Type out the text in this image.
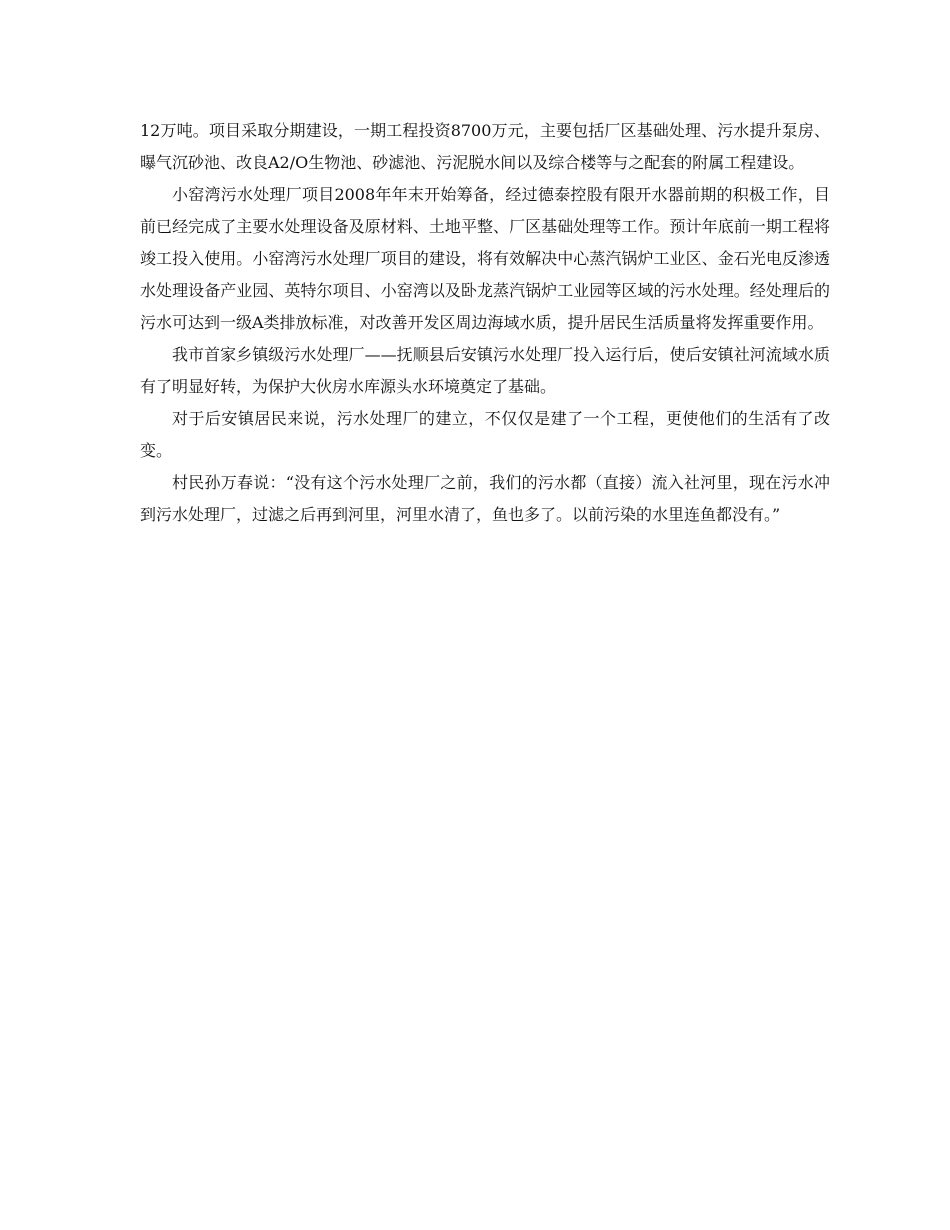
12万吨。项目采取分期建设，一期工程投资8700万元，主要包括厂区基础处理、污水提升泵房、曝气沉砂池、改良A2/O生物池、砂滤池、污泥脱水间以及综合楼等与之配套的附属工程建设。

小窑湾污水处理厂项目2008年年末开始筹备，经过德泰控股有限开水器前期的积极工作，目前已经完成了主要水处理设备及原材料、土地平整、厂区基础处理等工作。预计年底前一期工程将竣工投入使用。小窑湾污水处理厂项目的建设，将有效解决中心蒸汽锅炉工业区、金石光电反渗透水处理设备产业园、英特尔项目、小窑湾以及卧龙蒸汽锅炉工业园等区域的污水处理。经处理后的污水可达到一级A类排放标准，对改善开发区周边海域水质，提升居民生活质量将发挥重要作用。

我市首家乡镇级污水处理厂——抚顺县后安镇污水处理厂投入运行后，使后安镇社河流域水质有了明显好转，为保护大伙房水库源头水环境奠定了基础。

对于后安镇居民来说，污水处理厂的建立，不仅仅是建了一个工程，更使他们的生活有了改变。

村民孙万春说：“没有这个污水处理厂之前，我们的污水都（直接）流入社河里，现在污水冲到污水处理厂，过滤之后再到河里，河里水清了，鱼也多了。以前污染的水里连鱼都没有。”
